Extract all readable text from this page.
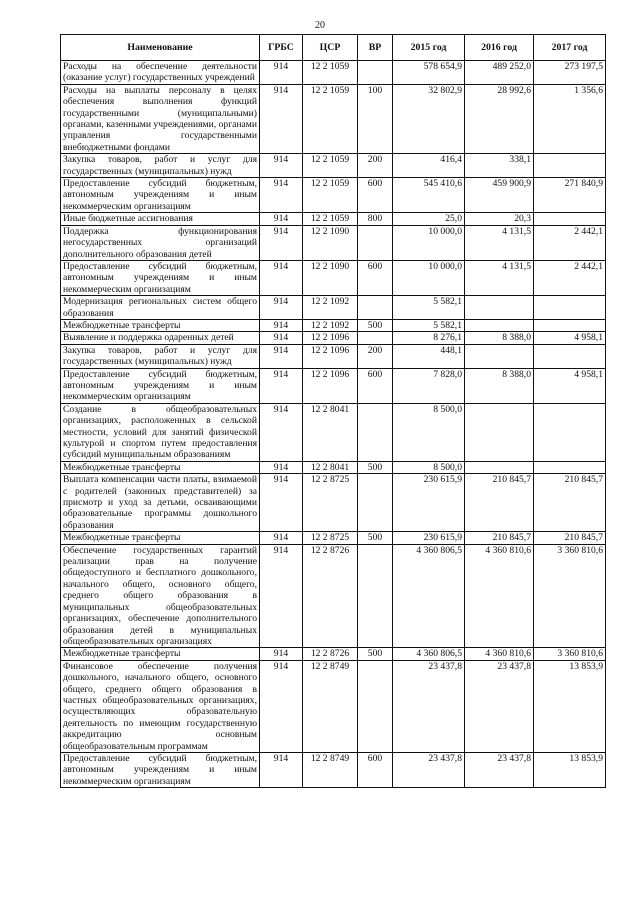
20
Наименование	ГРБС	ЦСР	ВР	2015 год	2016 год	2017 год
Расходы на обеспечение деятельности (оказание услуг) государственных учреждений	914	12 2 1059		578 654,9	489 252,0	273 197,5
Расходы на выплаты персоналу в целях обеспечения выполнения функций государственными (муниципальными) органами, казенными учреждениями, органами управления государственными внебюджетными фондами	914	12 2 1059	100	32 802,9	28 992,6	1 356,6
Закупка товаров, работ и услуг для государственных (муниципальных) нужд	914	12 2 1059	200	416,4	338,1	
Предоставление субсидий бюджетным, автономным учреждениям и иным некоммерческим организациям	914	12 2 1059	600	545 410,6	459 900,9	271 840,9
Иные бюджетные ассигнования	914	12 2 1059	800	25,0	20,3	
Поддержка функционирования негосударственных организаций дополнительного образования детей	914	12 2 1090		10 000,0	4 131,5	2 442,1
Предоставление субсидий бюджетным, автономным учреждениям и иным некоммерческим организациям	914	12 2 1090	600	10 000,0	4 131,5	2 442,1
Модернизация региональных систем общего образования	914	12 2 1092		5 582,1		
Межбюджетные трансферты	914	12 2 1092	500	5 582,1		
Выявление и поддержка одаренных детей	914	12 2 1096		8 276,1	8 388,0	4 958,1
Закупка товаров, работ и услуг для государственных (муниципальных) нужд	914	12 2 1096	200	448,1		
Предоставление субсидий бюджетным, автономным учреждениям и иным некоммерческим организациям	914	12 2 1096	600	7 828,0	8 388,0	4 958,1
Создание в общеобразовательных организациях, расположенных в сельской местности, условий для занятий физической культурой и спортом путем предоставления субсидий муниципальным образованиям	914	12 2 8041		8 500,0		
Межбюджетные трансферты	914	12 2 8041	500	8 500,0		
Выплата компенсации части платы, взимаемой с родителей (законных представителей) за присмотр и уход за детьми, осваивающими образовательные программы дошкольного образования	914	12 2 8725		230 615,9	210 845,7	210 845,7
Межбюджетные трансферты	914	12 2 8725	500	230 615,9	210 845,7	210 845,7
Обеспечение государственных гарантий реализации прав на получение общедоступного и бесплатного дошкольного, начального общего, основного общего, среднего общего образования в муниципальных общеобразовательных организациях, обеспечение дополнительного образования детей в муниципальных общеобразовательных организациях	914	12 2 8726		4 360 806,5	4 360 810,6	3 360 810,6
Межбюджетные трансферты	914	12 2 8726	500	4 360 806,5	4 360 810,6	3 360 810,6
Финансовое обеспечение получения дошкольного, начального общего, основного общего, среднего общего образования в частных общеобразовательных организациях, осуществляющих образовательную деятельность по имеющим государственную аккредитацию основным общеобразовательным программам	914	12 2 8749		23 437,8	23 437,8	13 853,9
Предоставление субсидий бюджетным, автономным учреждениям и иным некоммерческим организациям	914	12 2 8749	600	23 437,8	23 437,8	13 853,9
